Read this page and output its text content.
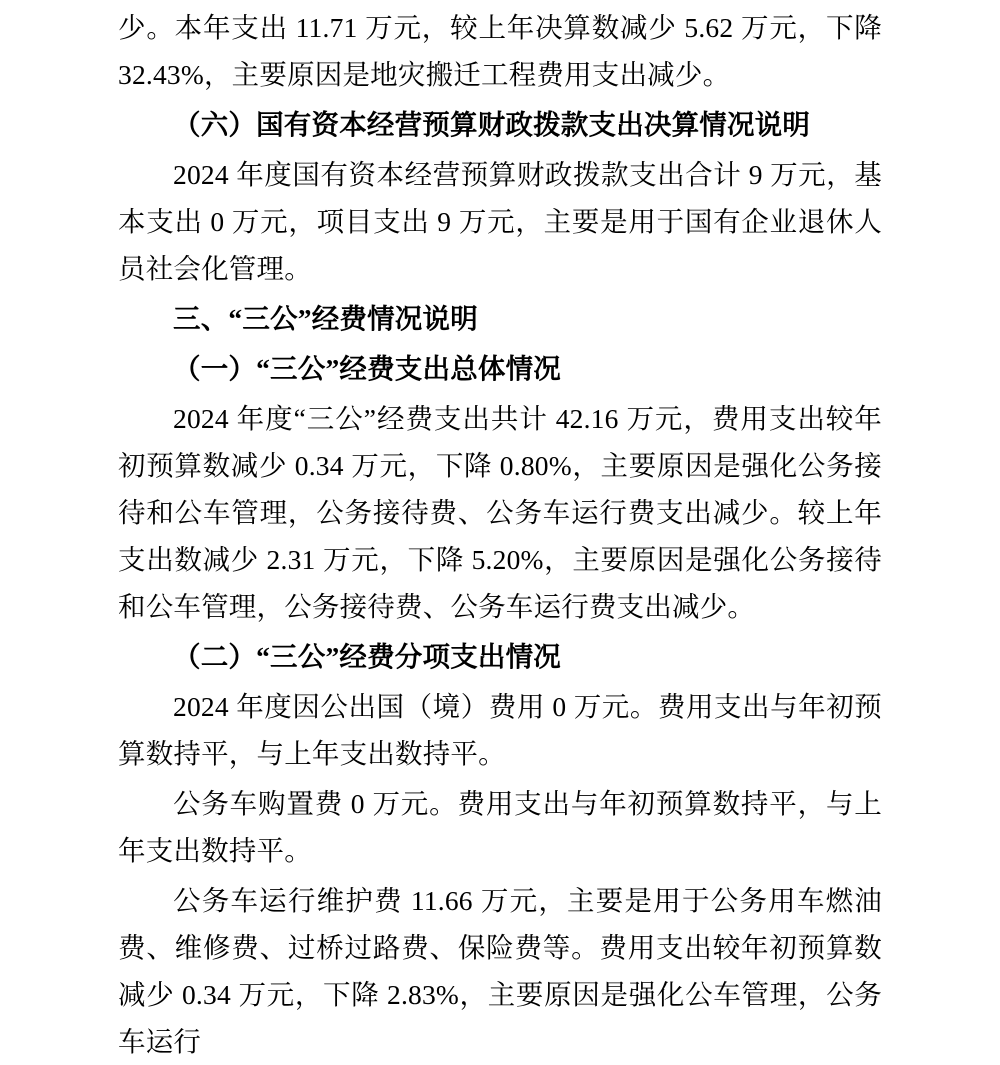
少。本年支出 11.71 万元，较上年决算数减少 5.62 万元，下降 32.43%，主要原因是地灾搬迁工程费用支出减少。

（六）国有资本经营预算财政拨款支出决算情况说明

2024 年度国有资本经营预算财政拨款支出合计 9 万元，基本支出 0 万元，项目支出 9 万元，主要是用于国有企业退休人员社会化管理。

三、“三公”经费情况说明

（一）“三公”经费支出总体情况

2024 年度“三公”经费支出共计 42.16 万元，费用支出较年初预算数减少 0.34 万元，下降 0.80%，主要原因是强化公务接待和公车管理，公务接待费、公务车运行费支出减少。较上年支出数减少 2.31 万元，下降 5.20%，主要原因是强化公务接待和公车管理，公务接待费、公务车运行费支出减少。

（二）“三公”经费分项支出情况

2024 年度因公出国（境）费用 0 万元。费用支出与年初预算数持平，与上年支出数持平。

公务车购置费 0 万元。费用支出与年初预算数持平，与上年支出数持平。

公务车运行维护费 11.66 万元，主要是用于公务用车燃油费、维修费、过桥过路费、保险费等。费用支出较年初预算数减少 0.34 万元，下降 2.83%，主要原因是强化公车管理，公务车运行
